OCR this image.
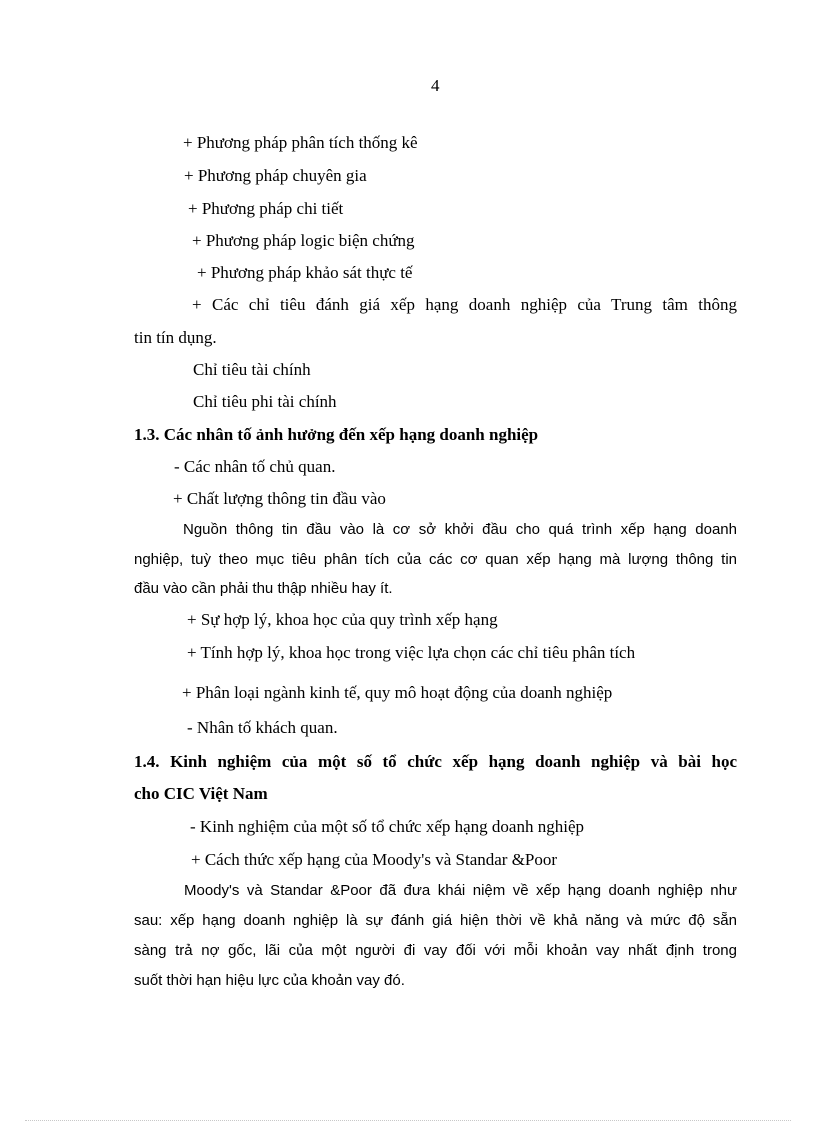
4
+ Phương pháp phân tích thống kê
+ Phương pháp chuyên gia
+ Phương pháp chi tiết
+ Phương pháp logic biện chứng
+ Phương pháp khảo sát thực tế
+ Các chỉ tiêu đánh giá xếp hạng doanh nghiệp của Trung tâm thông
tin tín dụng.
Chỉ tiêu tài chính
Chỉ tiêu phi tài chính
1.3. Các nhân tố ảnh hưởng đến xếp hạng doanh nghiệp
- Các nhân tố chủ quan.
+ Chất lượng thông tin đầu vào
Nguồn thông tin đầu vào là cơ sở khởi đầu cho quá trình xếp hạng doanh
nghiệp, tuỳ theo mục tiêu phân tích của các cơ quan xếp hạng mà lượng thông tin
đầu vào cần phải thu thập nhiều hay ít.
+ Sự hợp lý, khoa học của quy trình xếp hạng
+ Tính hợp lý, khoa học trong việc lựa chọn các chỉ tiêu phân tích
+ Phân loại ngành kinh tế, quy mô hoạt động của doanh nghiệp
- Nhân tố khách quan.
1.4. Kinh nghiệm của một số tổ chức xếp hạng doanh nghiệp và bài học
cho CIC Việt Nam
- Kinh nghiệm của một số tổ chức xếp hạng doanh nghiệp
+ Cách thức xếp hạng của Moody's và Standar &Poor
Moody's và Standar &Poor đã đưa khái niệm về xếp hạng doanh nghiệp như
sau: xếp hạng doanh nghiệp là sự đánh giá hiện thời về khả năng và mức độ sẵn
sàng trả nợ gốc, lãi của một người đi vay đối với mỗi khoản vay nhất định trong
suốt thời hạn hiệu lực của khoản vay đó.
